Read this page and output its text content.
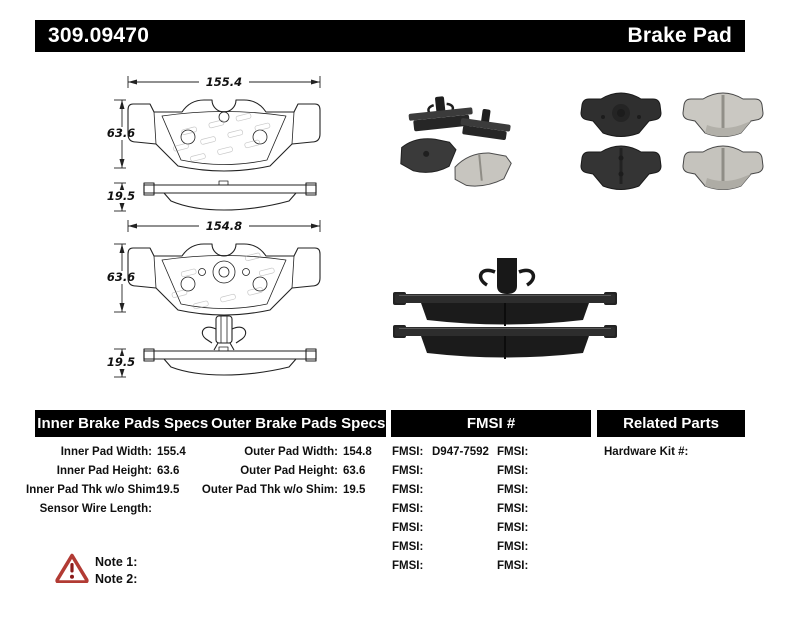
309.09470	Brake Pad
155.4
63.6
19.5
154.8
63.6
19.5
Inner Brake Pads Specs Outer Brake Pads Specs	FMSI #	Related Parts
Inner Pad Width: 155.4
Inner Pad Height: 63.6
Inner Pad Thk w/o Shim:
19.5
Sensor Wire Length:
Outer Pad Width: 154.8
Outer Pad Height: 63.6
Outer Pad Thk w/o Shim: 19.5
FMSI: D947-7592
FMSI:
FMSI:
FMSI:
FMSI:
FMSI:
FMSI:
FMSI:
FMSI:
FMSI:
FMSI:
FMSI:
FMSI:
FMSI:
Hardware Kit #:
Note 1:
Note 2:
